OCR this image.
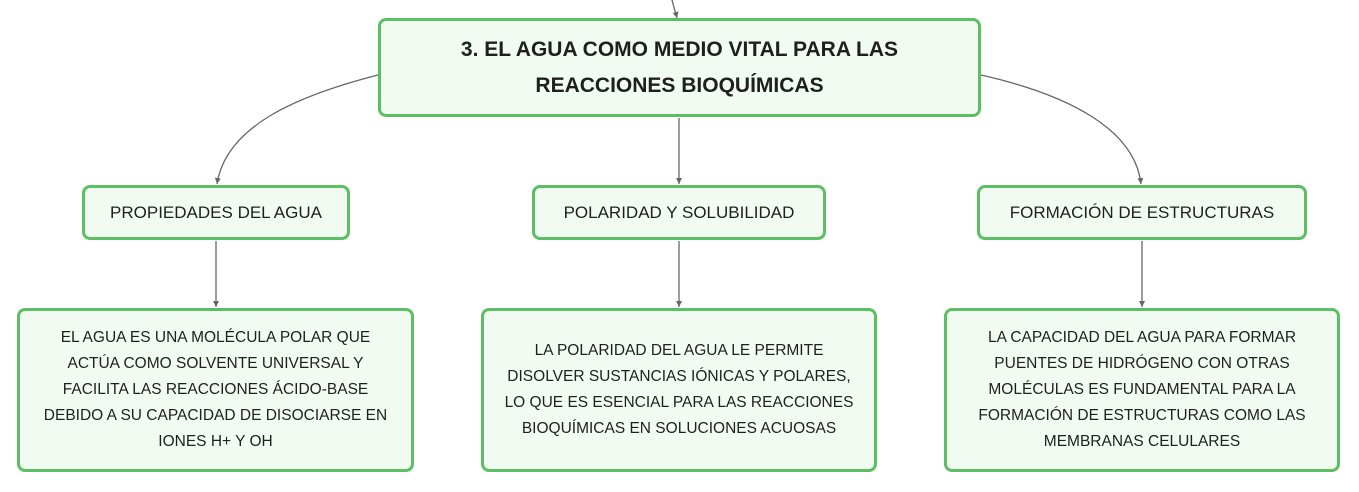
3. EL AGUA COMO MEDIO VITAL PARA LAS REACCIONES BIOQUÍMICAS
PROPIEDADES DEL AGUA	POLARIDAD Y SOLUBILIDAD	FORMACIÓN DE ESTRUCTURAS
EL AGUA ES UNA MOLÉCULA POLAR QUE ACTÚA COMO SOLVENTE UNIVERSAL Y FACILITA LAS REACCIONES ÁCIDO-BASE DEBIDO A SU CAPACIDAD DE DISOCIARSE EN IONES H+ Y OH
LA POLARIDAD DEL AGUA LE PERMITE DISOLVER SUSTANCIAS IÓNICAS Y POLARES, LO QUE ES ESENCIAL PARA LAS REACCIONES BIOQUÍMICAS EN SOLUCIONES ACUOSAS
LA CAPACIDAD DEL AGUA PARA FORMAR PUENTES DE HIDRÓGENO CON OTRAS MOLÉCULAS ES FUNDAMENTAL PARA LA FORMACIÓN DE ESTRUCTURAS COMO LAS MEMBRANAS CELULARES
